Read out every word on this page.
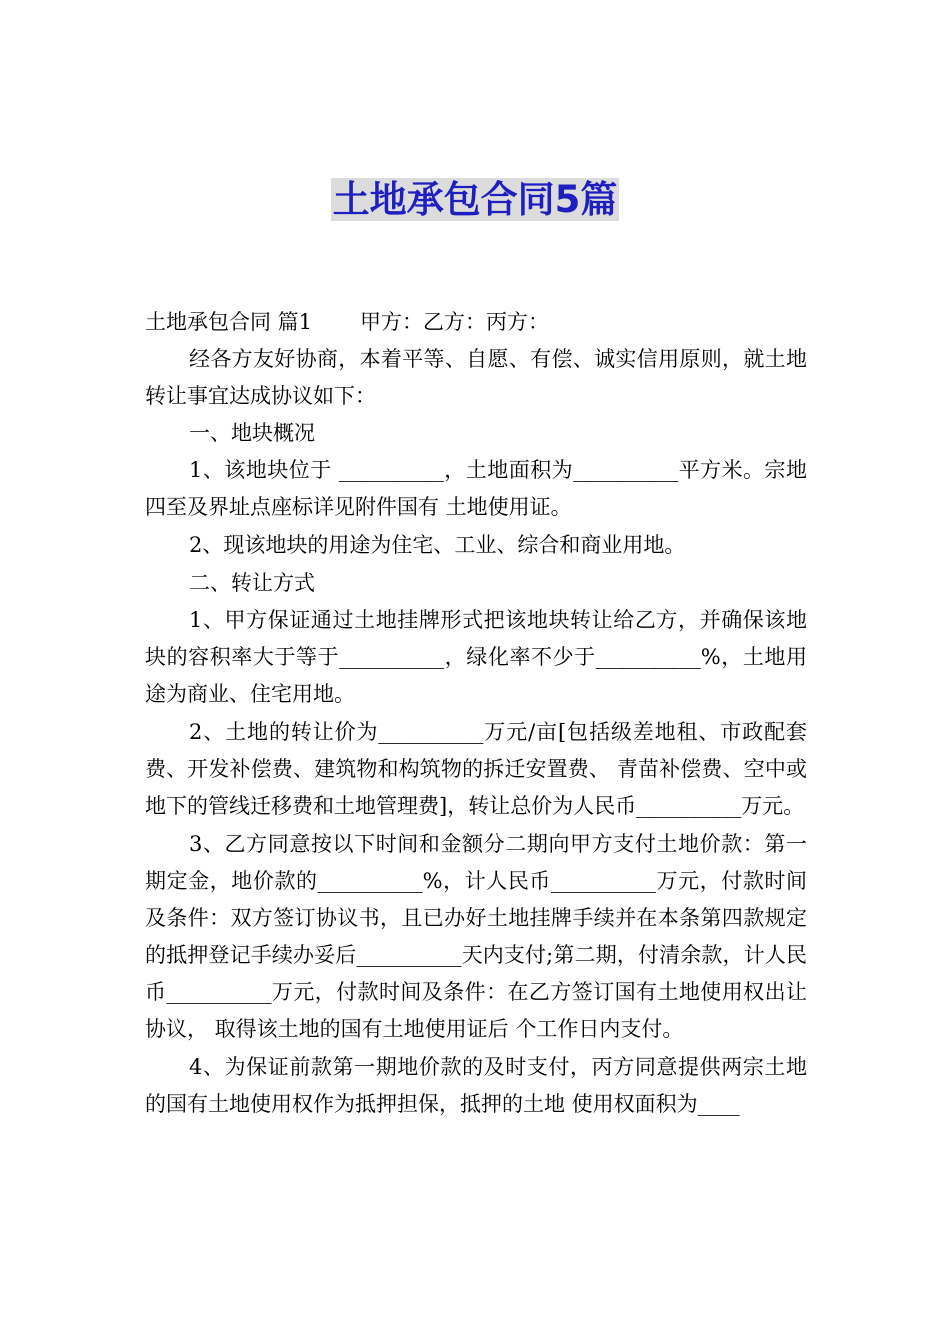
土地承包合同5篇

土地承包合同 篇1 甲方：乙方：丙方：

经各方友好协商，本着平等、自愿、有偿、诚实信用原则，就土地转让事宜达成协议如下：

一、地块概况

1、该地块位于 __________，土地面积为__________平方米。宗地四至及界址点座标详见附件国有 土地使用证。

2、现该地块的用途为住宅、工业、综合和商业用地。

二、转让方式

1、甲方保证通过土地挂牌形式把该地块转让给乙方，并确保该地块的容积率大于等于__________，绿化率不少于__________%，土地用途为商业、住宅用地。

2、土地的转让价为__________万元/亩[包括级差地租、市政配套费、开发补偿费、建筑物和构筑物的拆迁安置费、 青苗补偿费、空中或地下的管线迁移费和土地管理费]，转让总价为人民币__________万元。

3、乙方同意按以下时间和金额分二期向甲方支付土地价款：第一期定金，地价款的__________%，计人民币__________万元，付款时间及条件：双方签订协议书，且已办好土地挂牌手续并在本条第四款规定的抵押登记手续办妥后__________天内支付;第二期，付清余款，计人民币__________万元，付款时间及条件：在乙方签订国有土地使用权出让协议， 取得该土地的国有土地使用证后 个工作日内支付。

4、为保证前款第一期地价款的及时支付，丙方同意提供两宗土地的国有土地使用权作为抵押担保，抵押的土地 使用权面积为____
